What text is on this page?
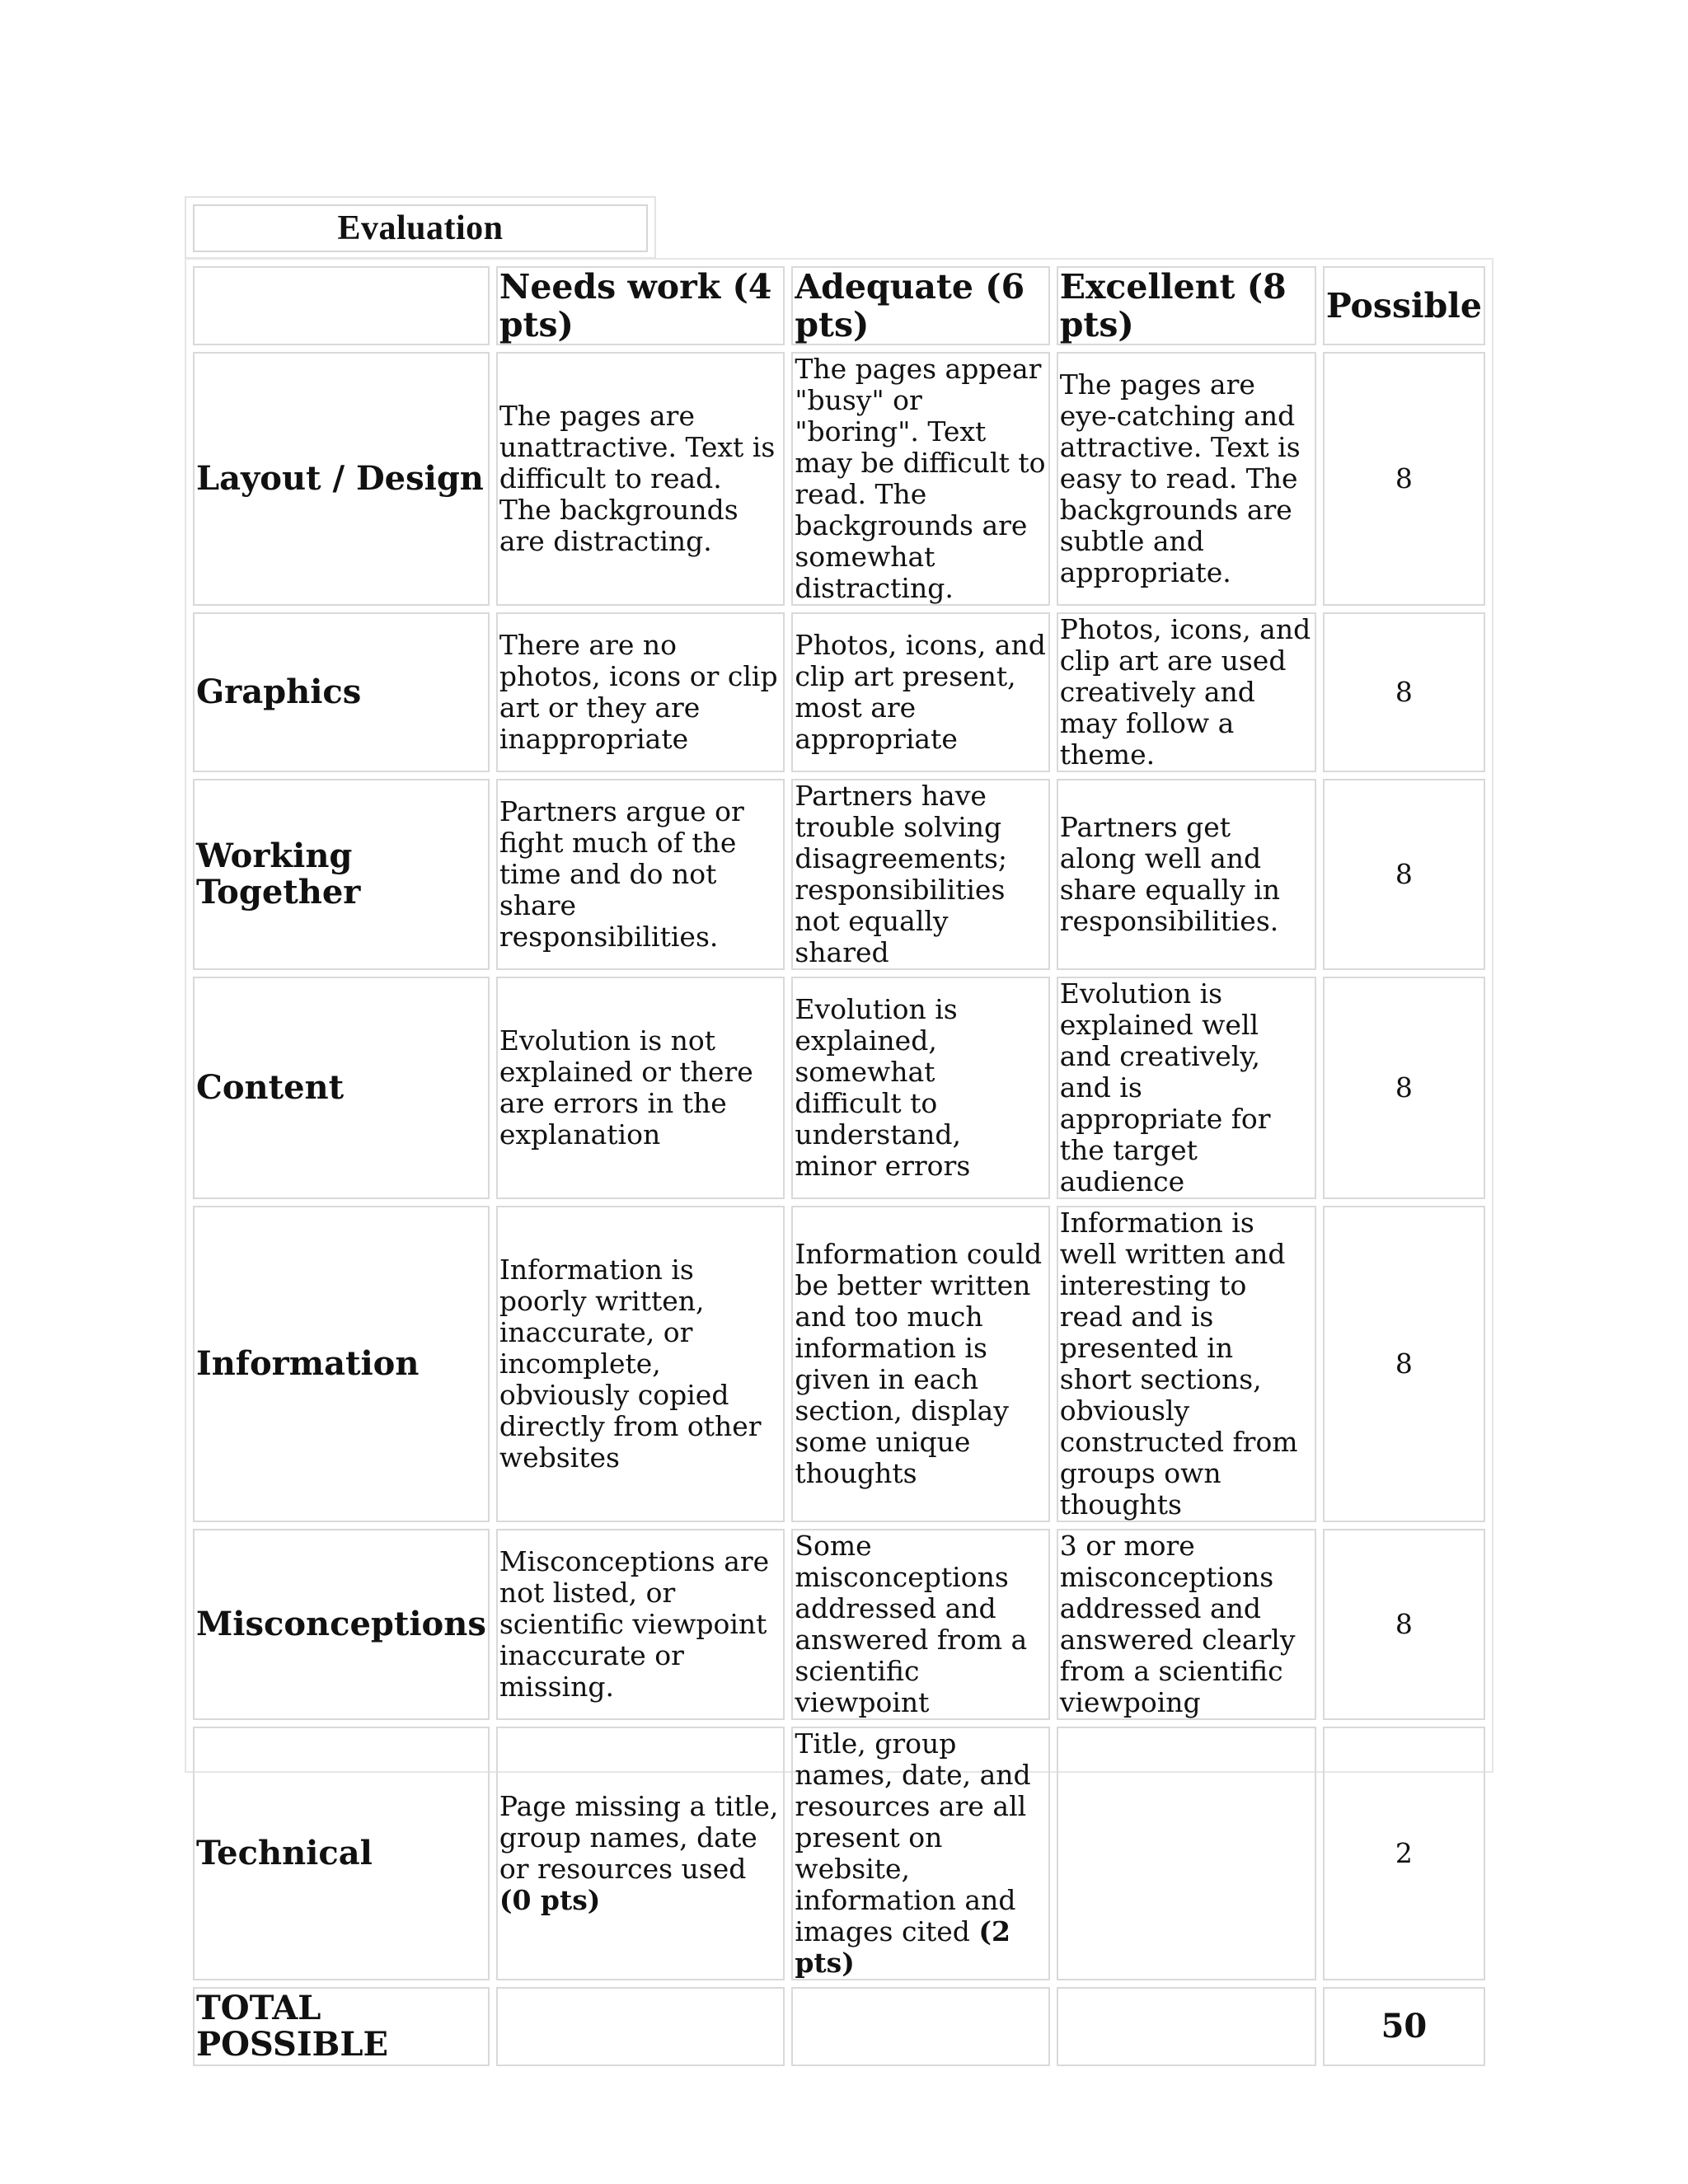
Evaluation
	Needs work (4 pts)	Adequate (6 pts)	Excellent (8 pts)	Possible
Layout / Design	The pages are unattractive. Text is difficult to read. The backgrounds are distracting.	The pages appear "busy" or "boring". Text may be difficult to read. The backgrounds are somewhat distracting.	The pages are eye-catching and attractive. Text is easy to read. The backgrounds are subtle and appropriate.	8
Graphics	There are no photos, icons or clip art or they are inappropriate	Photos, icons, and clip art present, most are appropriate	Photos, icons, and clip art are used creatively and may follow a theme.	8
Working Together	Partners argue or fight much of the time and do not share responsibilities.	Partners have trouble solving disagreements; responsibilities not equally shared	Partners get along well and share equally in responsibilities.	8
Content	Evolution is not explained or there are errors in the explanation	Evolution is explained, somewhat difficult to understand, minor errors	Evolution is explained well and creatively, and is appropriate for the target audience	8
Information	Information is poorly written, inaccurate, or incomplete, obviously copied directly from other websites	Information could be better written and too much information is given in each section, display some unique thoughts	Information is well written and interesting to read and is presented in short sections, obviously constructed from groups own thoughts	8
Misconceptions	Misconceptions are not listed, or scientific viewpoint inaccurate or missing.	Some misconceptions addressed and answered from a scientific viewpoint	3 or more misconceptions addressed and answered clearly from a scientific viewpoing	8
Technical	Page missing a title, group names, date or resources used (0 pts)	Title, group names, date, and resources are all present on website, information and images cited (2 pts)		2
TOTAL POSSIBLE				50
